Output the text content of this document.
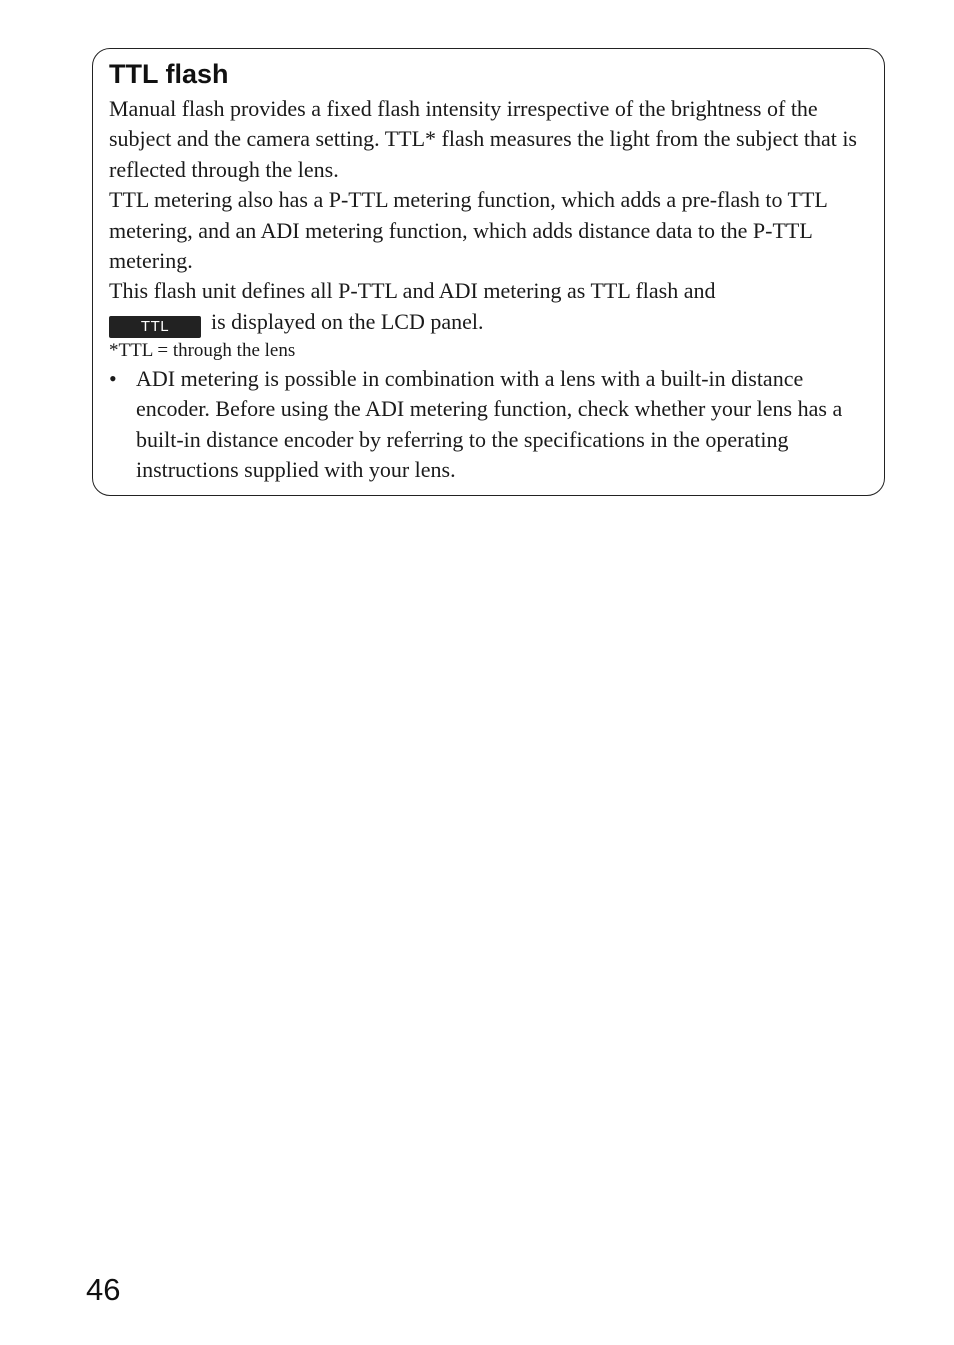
TTL flash

Manual flash provides a fixed flash intensity irrespective of the brightness of the subject and the camera setting. TTL* flash measures the light from the subject that is reflected through the lens.

TTL metering also has a P-TTL metering function, which adds a pre-flash to TTL metering, and an ADI metering function, which adds distance data to the P-TTL metering.

This flash unit defines all P-TTL and ADI metering as TTL flash and

TTL is displayed on the LCD panel.

*TTL = through the lens

• ADI metering is possible in combination with a lens with a built-in distance encoder. Before using the ADI metering function, check whether your lens has a built-in distance encoder by referring to the specifications in the operating instructions supplied with your lens.
46
